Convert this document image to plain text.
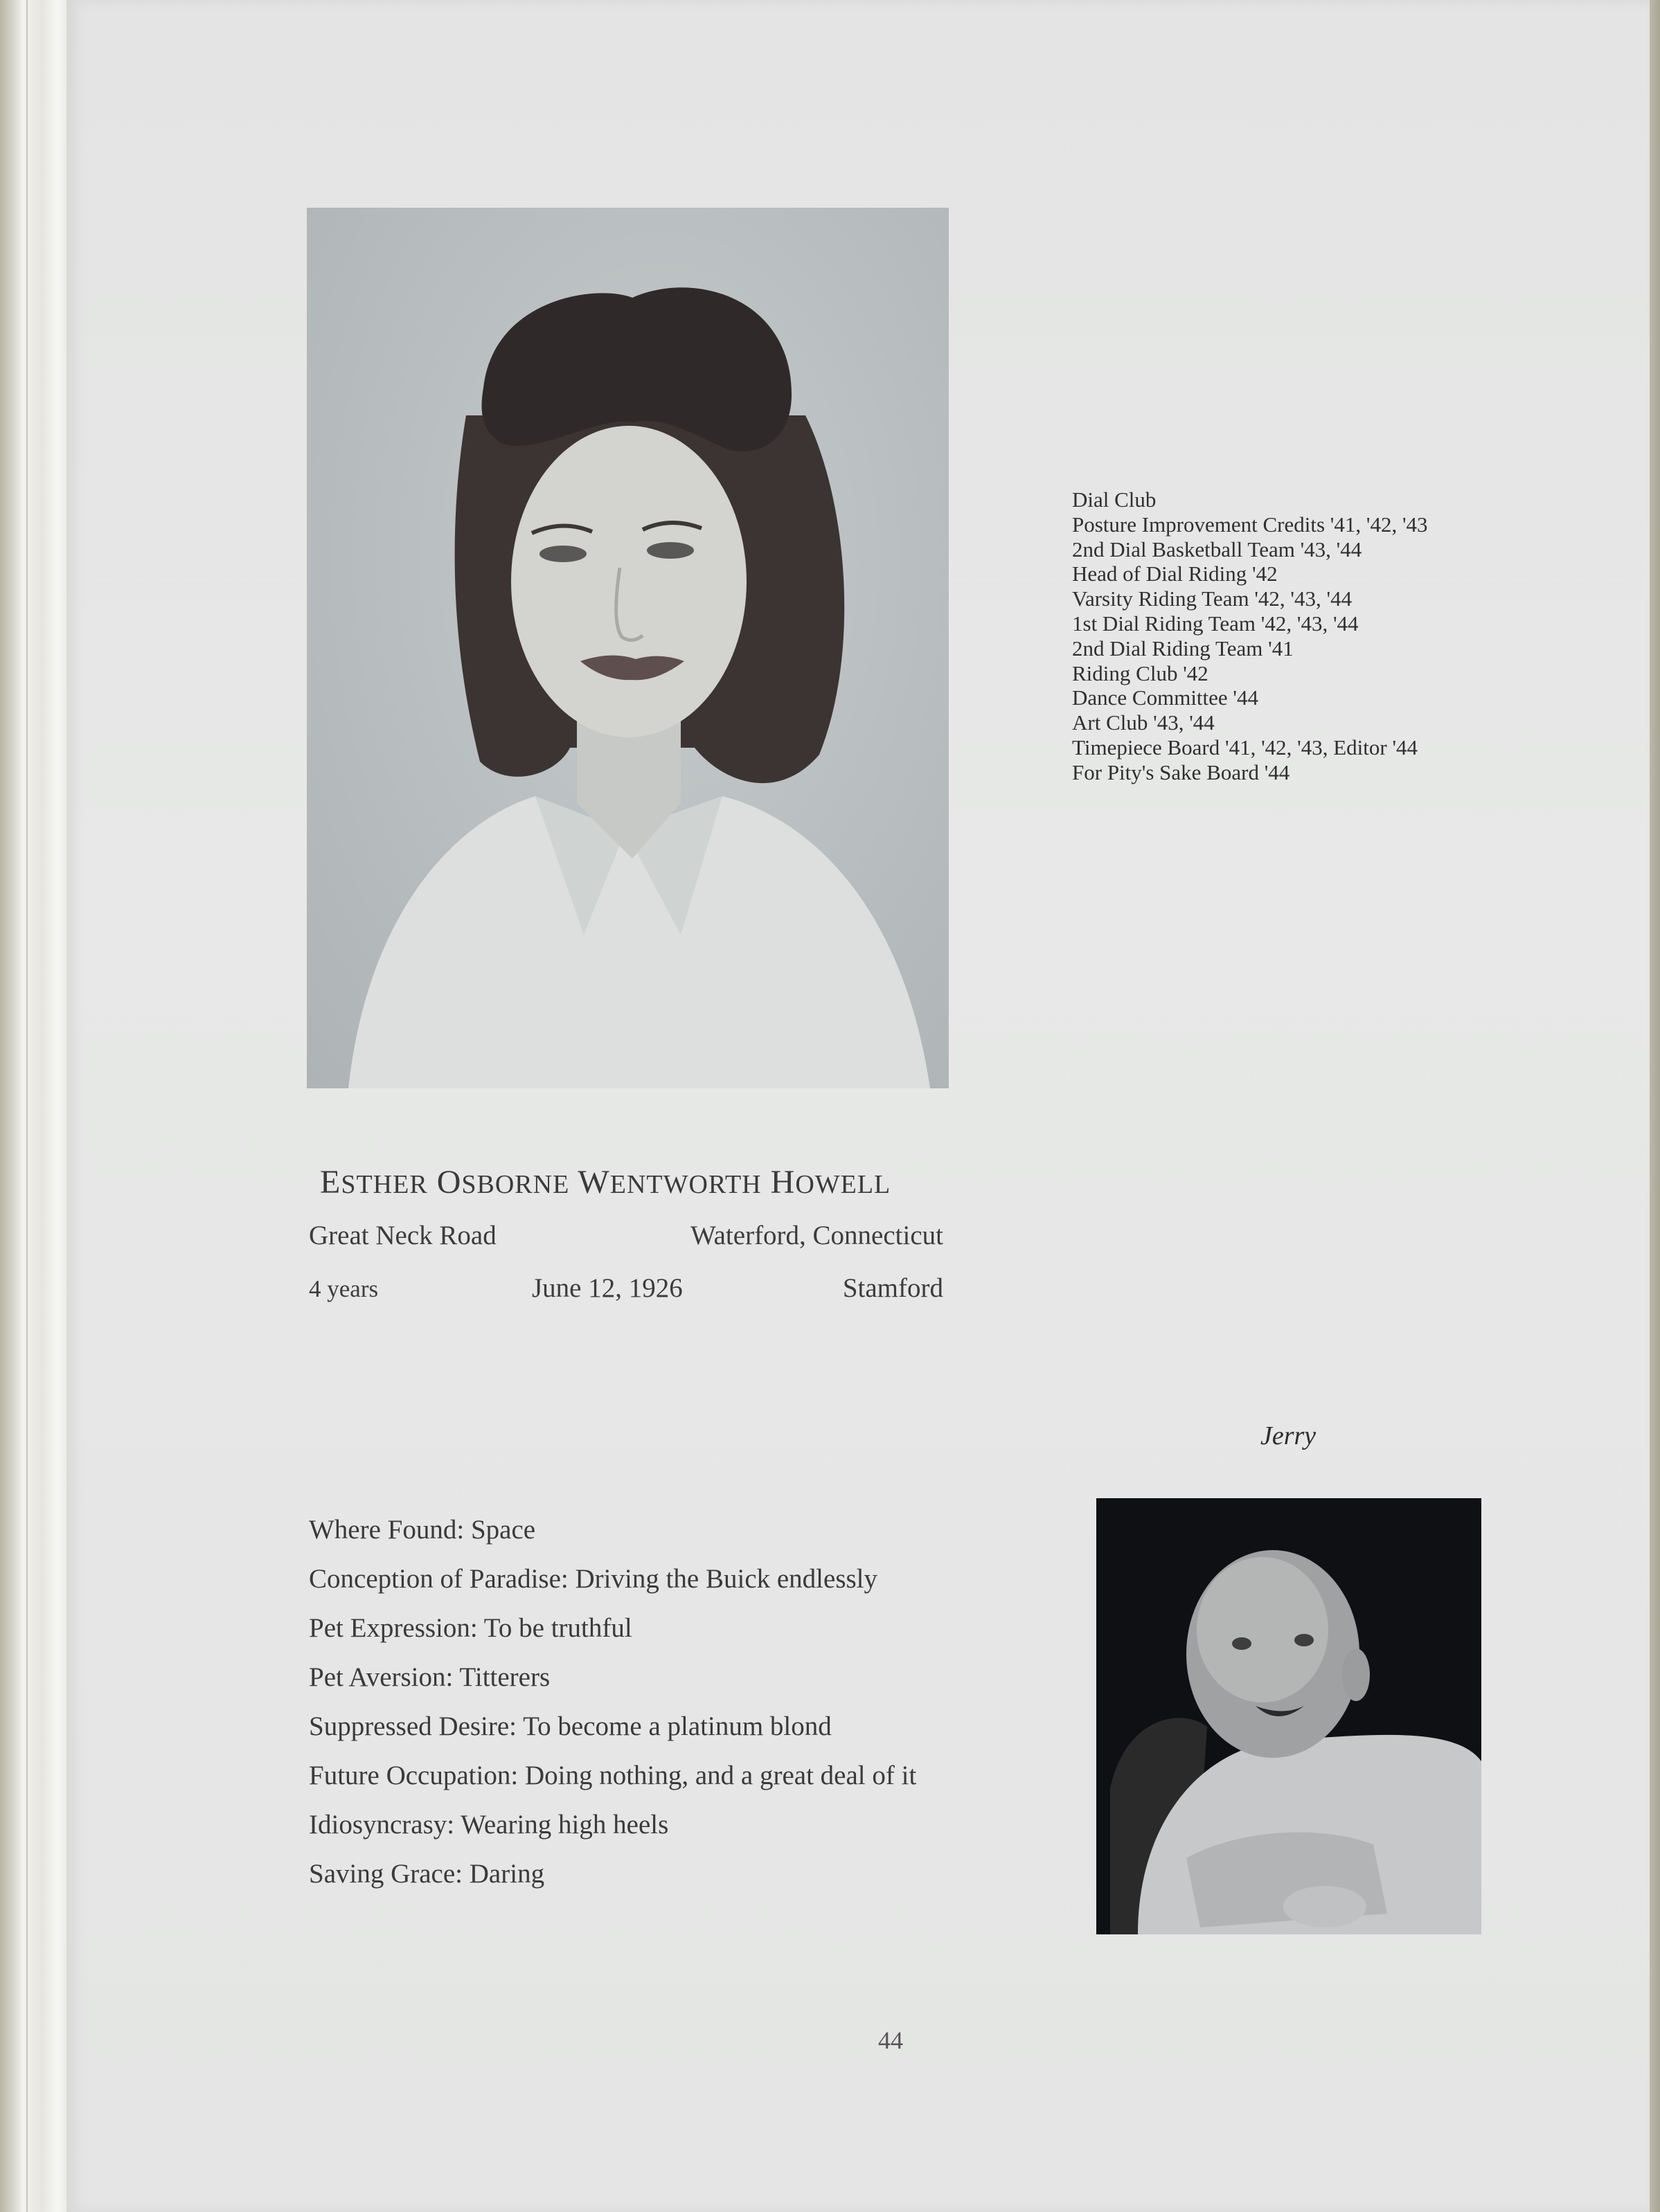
Dial Club
Posture Improvement Credits '41, '42, '43
2nd Dial Basketball Team '43, '44
Head of Dial Riding '42
Varsity Riding Team '42, '43, '44
1st Dial Riding Team '42, '43, '44
2nd Dial Riding Team '41
Riding Club '42
Dance Committee '44
Art Club '43, '44
Timepiece Board '41, '42, '43, Editor '44
For Pity's Sake Board '44
ESTHER OSBORNE WENTWORTH HOWELL
Great Neck Road	Waterford, Connecticut
4 years	June 12, 1926	Stamford
Jerry
Where Found: Space
Conception of Paradise: Driving the Buick endlessly
Pet Expression: To be truthful
Pet Aversion: Titterers
Suppressed Desire: To become a platinum blond
Future Occupation: Doing nothing, and a great deal of it
Idiosyncrasy: Wearing high heels
Saving Grace: Daring
44
